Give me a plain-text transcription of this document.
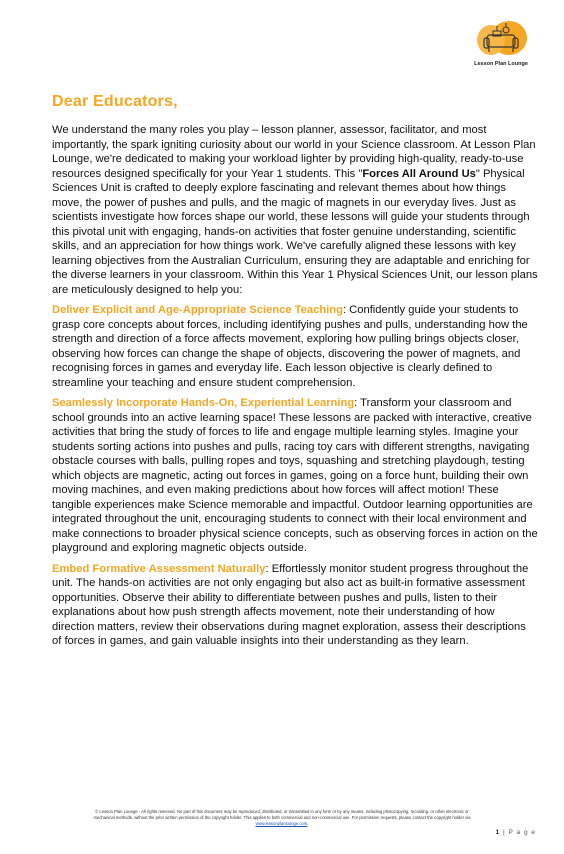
Lesson Plan Lounge
Dear Educators,

We understand the many roles you play – lesson planner, assessor, facilitator, and most importantly, the spark igniting curiosity about our world in your Science classroom. At Lesson Plan Lounge, we're dedicated to making your workload lighter by providing high-quality, ready-to-use resources designed specifically for your Year 1 students. This "Forces All Around Us" Physical Sciences Unit is crafted to deeply explore fascinating and relevant themes about how things move, the power of pushes and pulls, and the magic of magnets in our everyday lives. Just as scientists investigate how forces shape our world, these lessons will guide your students through this pivotal unit with engaging, hands-on activities that foster genuine understanding, scientific skills, and an appreciation for how things work. We've carefully aligned these lessons with key learning objectives from the Australian Curriculum, ensuring they are adaptable and enriching for the diverse learners in your classroom. Within this Year 1 Physical Sciences Unit, our lesson plans are meticulously designed to help you:

Deliver Explicit and Age-Appropriate Science Teaching: Confidently guide your students to grasp core concepts about forces, including identifying pushes and pulls, understanding how the strength and direction of a force affects movement, exploring how pulling brings objects closer, observing how forces can change the shape of objects, discovering the power of magnets, and recognising forces in games and everyday life. Each lesson objective is clearly defined to streamline your teaching and ensure student comprehension.

Seamlessly Incorporate Hands-On, Experiential Learning: Transform your classroom and school grounds into an active learning space! These lessons are packed with interactive, creative activities that bring the study of forces to life and engage multiple learning styles. Imagine your students sorting actions into pushes and pulls, racing toy cars with different strengths, navigating obstacle courses with balls, pulling ropes and toys, squashing and stretching playdough, testing which objects are magnetic, acting out forces in games, going on a force hunt, building their own moving machines, and even making predictions about how forces will affect motion! These tangible experiences make Science memorable and impactful. Outdoor learning opportunities are integrated throughout the unit, encouraging students to connect with their local environment and make connections to broader physical science concepts, such as observing forces in action on the playground and exploring magnetic objects outside.

Embed Formative Assessment Naturally: Effortlessly monitor student progress throughout the unit. The hands-on activities are not only engaging but also act as built-in formative assessment opportunities. Observe their ability to differentiate between pushes and pulls, listen to their explanations about how push strength affects movement, note their understanding of how direction matters, review their observations during magnet exploration, assess their descriptions of forces in games, and gain valuable insights into their understanding as they learn.

© Lesson Plan Lounge - All rights reserved. No part of this document may be reproduced, distributed, or transmitted in any form or by any means, including photocopying, recording, or other electronic or
mechanical methods, without the prior written permission of the copyright holder. This applies to both commercial and non-commercial use. For permission requests, please contact the copyright holder via
www.lessonplanlounge.com.
1 | P a g e
